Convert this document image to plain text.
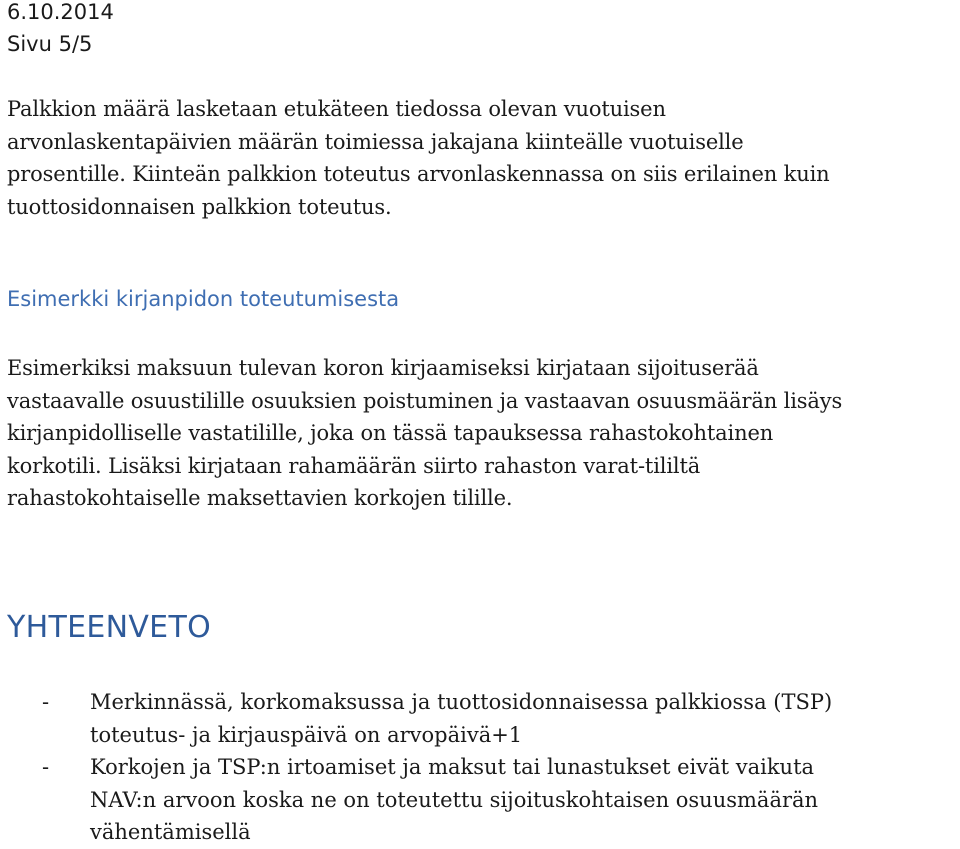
6.10.2014
Sivu 5/5

Palkkion määrä lasketaan etukäteen tiedossa olevan vuotuisen
arvonlaskentapäivien määrän toimiessa jakajana kiinteälle vuotuiselle
prosentille. Kiinteän palkkion toteutus arvonlaskennassa on siis erilainen kuin
tuottosidonnaisen palkkion toteutus.

Esimerkki kirjanpidon toteutumisesta

Esimerkiksi maksuun tulevan koron kirjaamiseksi kirjataan sijoituserää
vastaavalle osuustilille osuuksien poistuminen ja vastaavan osuusmäärän lisäys
kirjanpidolliselle vastatilille, joka on tässä tapauksessa rahastokohtainen
korkotili. Lisäksi kirjataan rahamäärän siirto rahaston varat-tililtä
rahastokohtaiselle maksettavien korkojen tilille.

YHTEENVETO
- Merkinnässä, korkomaksussa ja tuottosidonnaisessa palkkiossa (TSP)
toteutus- ja kirjauspäivä on arvopäivä+1
- Korkojen ja TSP:n irtoamiset ja maksut tai lunastukset eivät vaikuta
NAV:n arvoon koska ne on toteutettu sijoituskohtaisen osuusmäärän
vähentämisellä
